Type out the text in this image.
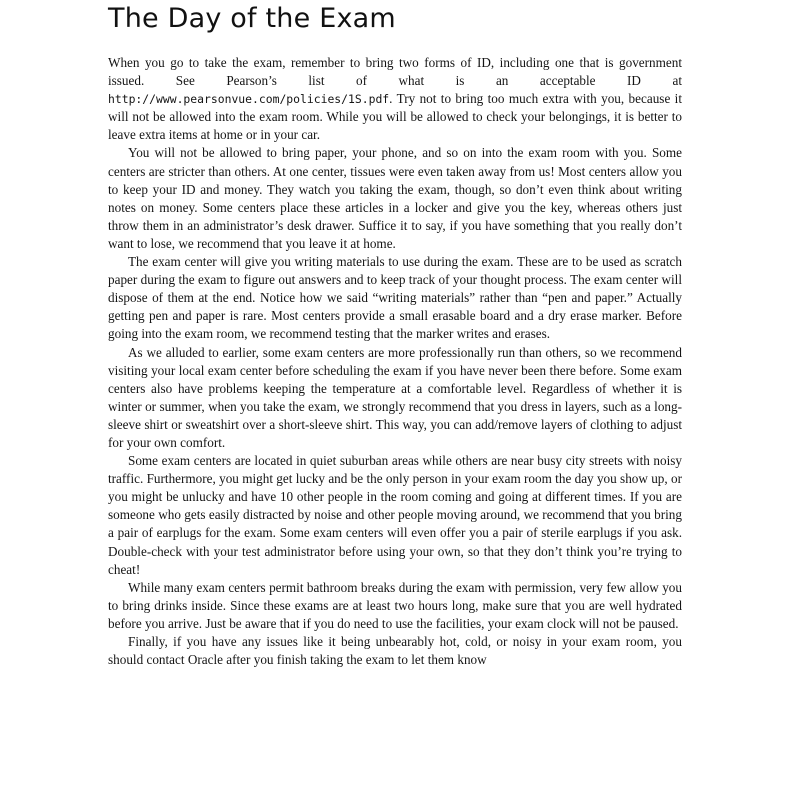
The Day of the Exam

When you go to take the exam, remember to bring two forms of ID, including one that is government issued. See Pearson’s list of what is an acceptable ID at http://www.pearsonvue.com/policies/1S.pdf. Try not to bring too much extra with you, because it will not be allowed into the exam room. While you will be allowed to check your belongings, it is better to leave extra items at home or in your car.

You will not be allowed to bring paper, your phone, and so on into the exam room with you. Some centers are stricter than others. At one center, tissues were even taken away from us! Most centers allow you to keep your ID and money. They watch you taking the exam, though, so don’t even think about writing notes on money. Some centers place these articles in a locker and give you the key, whereas others just throw them in an administrator’s desk drawer. Suffice it to say, if you have something that you really don’t want to lose, we recommend that you leave it at home.

The exam center will give you writing materials to use during the exam. These are to be used as scratch paper during the exam to figure out answers and to keep track of your thought process. The exam center will dispose of them at the end. Notice how we said “writing materials” rather than “pen and paper.” Actually getting pen and paper is rare. Most centers provide a small erasable board and a dry erase marker. Before going into the exam room, we recommend testing that the marker writes and erases.

As we alluded to earlier, some exam centers are more professionally run than others, so we recommend visiting your local exam center before scheduling the exam if you have never been there before. Some exam centers also have problems keeping the temperature at a comfortable level. Regardless of whether it is winter or summer, when you take the exam, we strongly recommend that you dress in layers, such as a long-sleeve shirt or sweatshirt over a short-sleeve shirt. This way, you can add/remove layers of clothing to adjust for your own comfort.

Some exam centers are located in quiet suburban areas while others are near busy city streets with noisy traffic. Furthermore, you might get lucky and be the only person in your exam room the day you show up, or you might be unlucky and have 10 other people in the room coming and going at different times. If you are someone who gets easily distracted by noise and other people moving around, we recommend that you bring a pair of earplugs for the exam. Some exam centers will even offer you a pair of sterile earplugs if you ask. Double-check with your test administrator before using your own, so that they don’t think you’re trying to cheat!

While many exam centers permit bathroom breaks during the exam with permission, very few allow you to bring drinks inside. Since these exams are at least two hours long, make sure that you are well hydrated before you arrive. Just be aware that if you do need to use the facilities, your exam clock will not be paused.

Finally, if you have any issues like it being unbearably hot, cold, or noisy in your exam room, you should contact Oracle after you finish taking the exam to let them know
